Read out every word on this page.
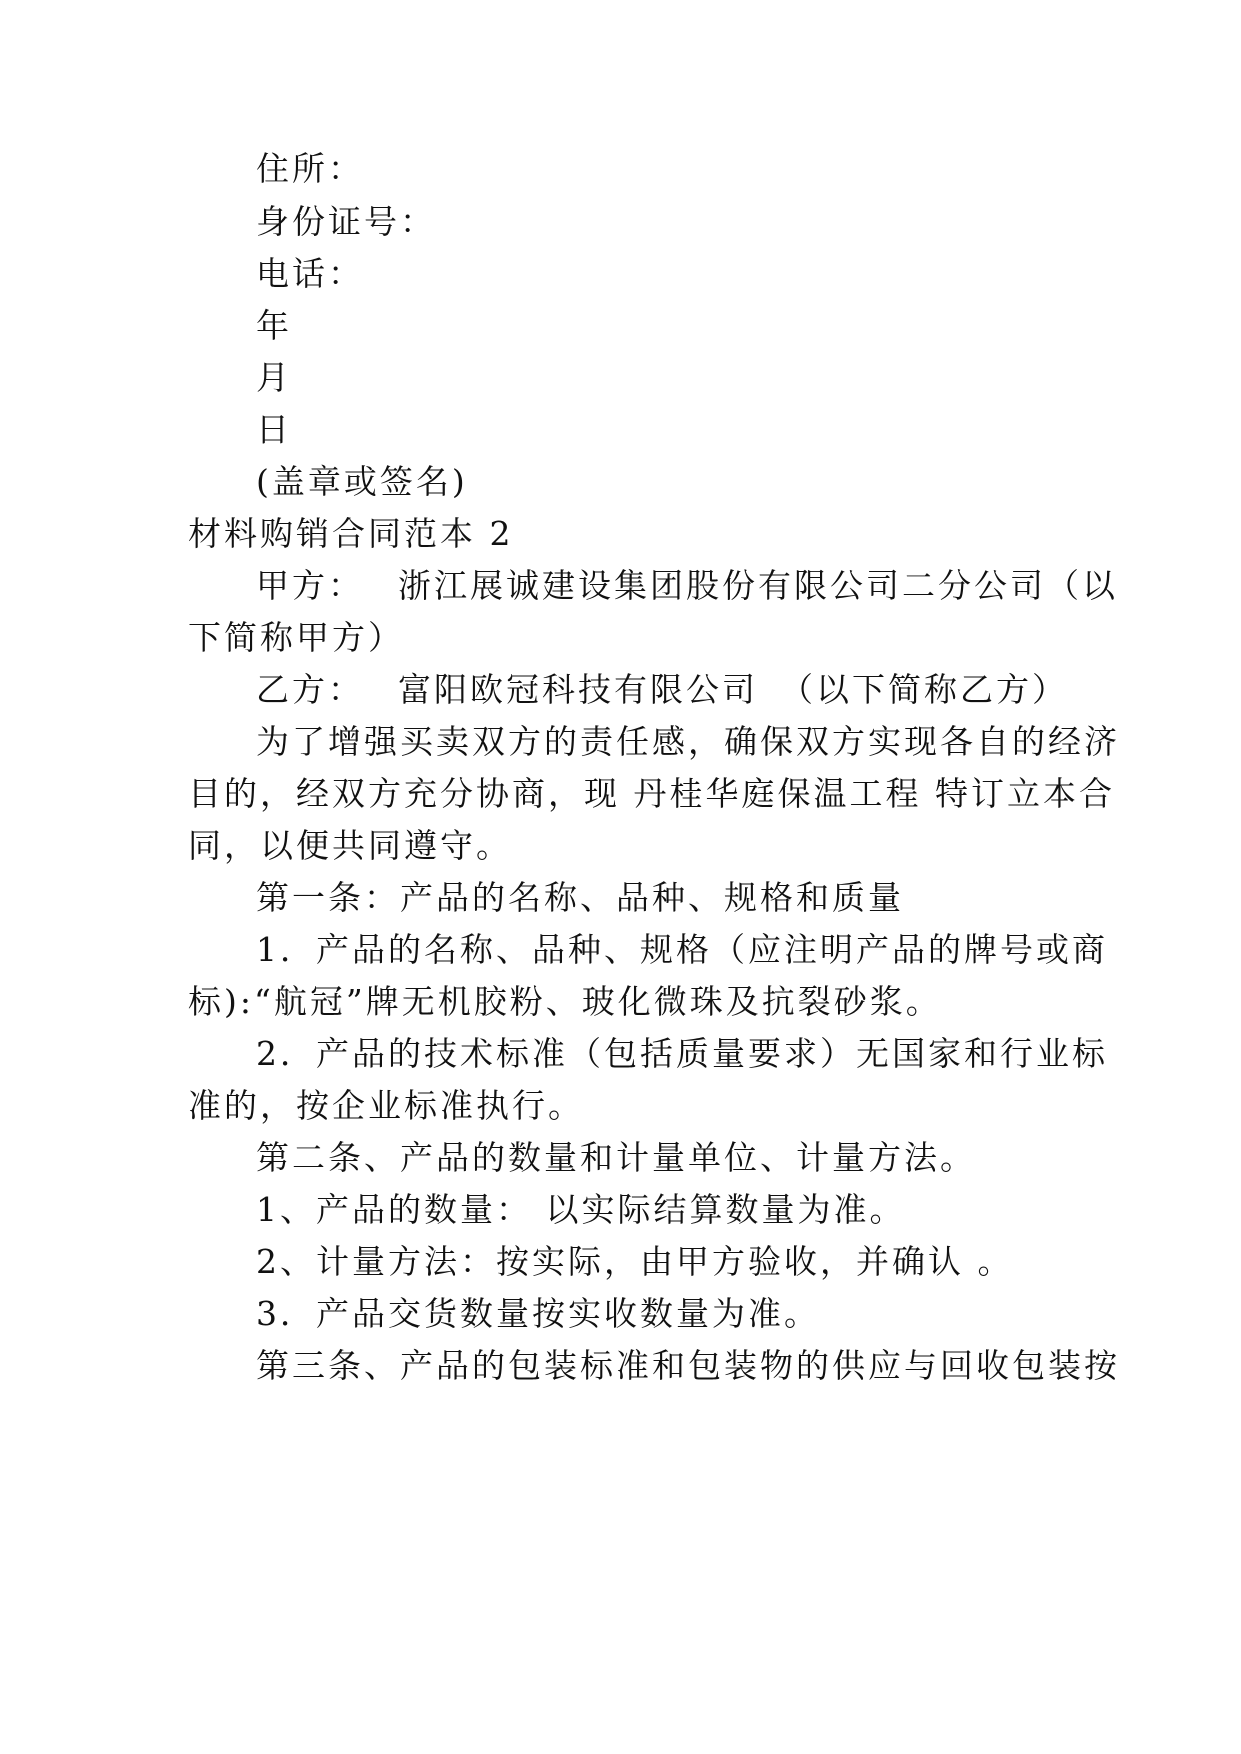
住所：
身份证号：
电话：
年
月
日
(盖章或签名)
材料购销合同范本 2
甲方： 浙江展诚建设集团股份有限公司二分公司（以
下简称甲方）
乙方： 富阳欧冠科技有限公司 （以下简称乙方）
为了增强买卖双方的责任感，确保双方实现各自的经济
目的，经双方充分协商，现 丹桂华庭保温工程 特订立本合
同，以便共同遵守。
第一条：产品的名称、品种、规格和质量
1．产品的名称、品种、规格（应注明产品的牌号或商
标):“航冠”牌无机胶粉、玻化微珠及抗裂砂浆。
2．产品的技术标准（包括质量要求）无国家和行业标
准的，按企业标准执行。
第二条、产品的数量和计量单位、计量方法。
1、产品的数量： 以实际结算数量为准。
2、计量方法：按实际，由甲方验收，并确认 。
3．产品交货数量按实收数量为准。
第三条、产品的包装标准和包装物的供应与回收包装按
